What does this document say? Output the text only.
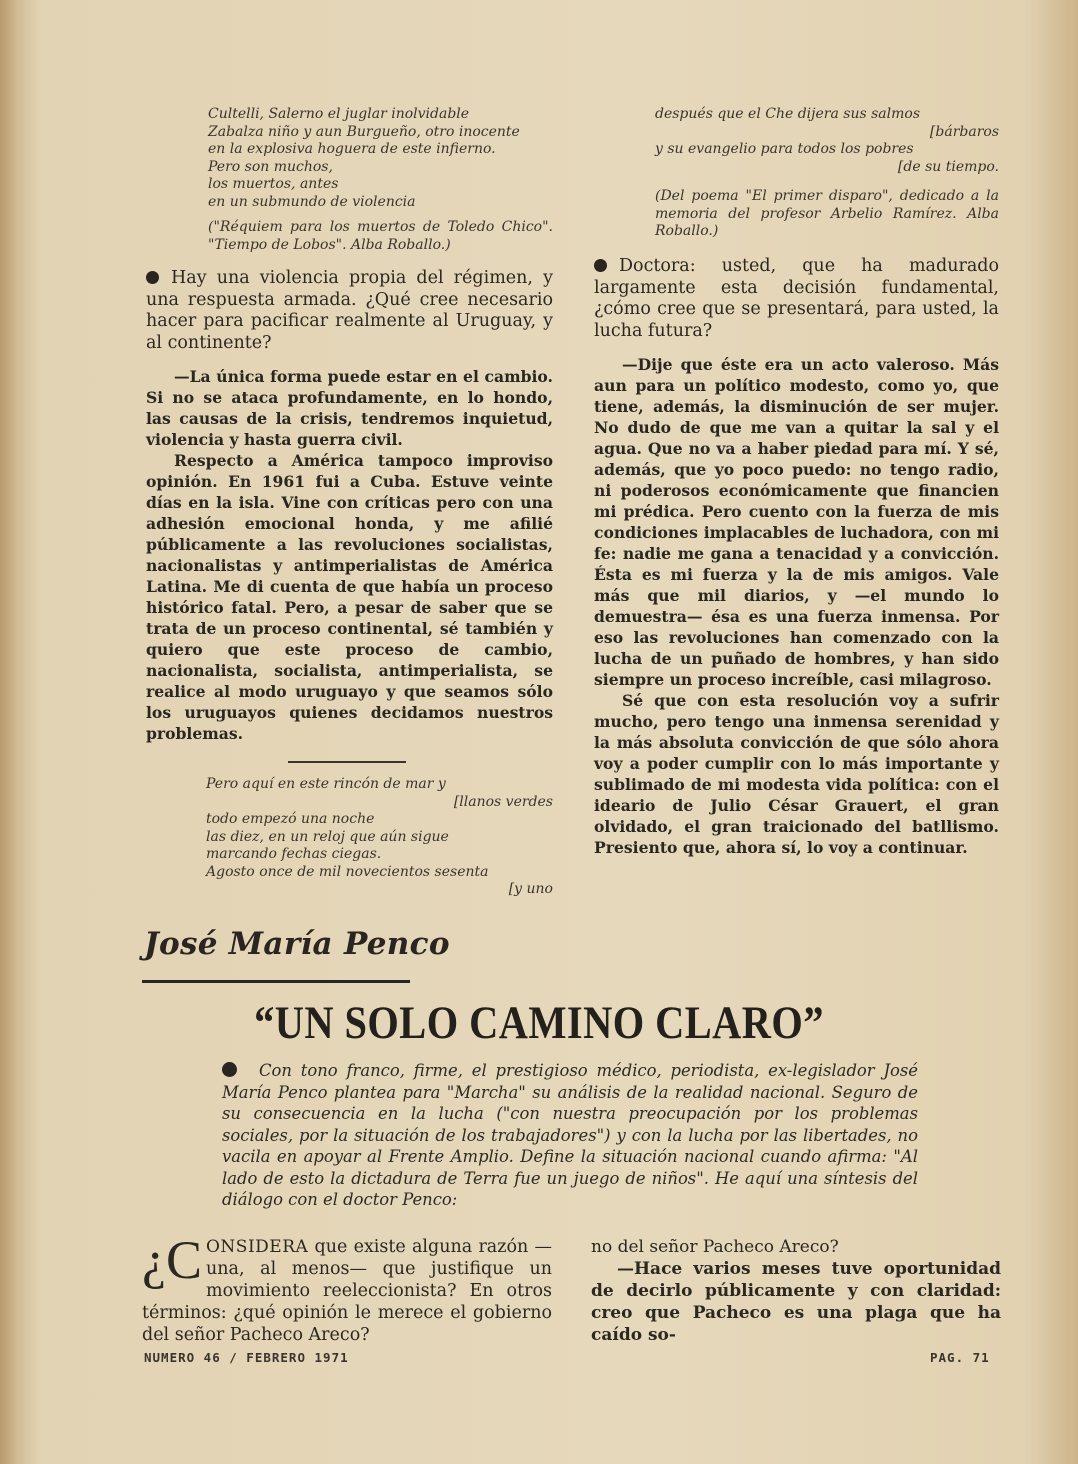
Cultelli, Salerno el juglar inolvidable
Zabalza niño y aun Burgueño, otro inocente
en la explosiva hoguera de este infierno.
Pero son muchos,
los muertos, antes
en un submundo de violencia
("Réquiem para los muertos de Toledo Chico". "Tiempo de Lobos". Alba Roballo.)
Hay una violencia propia del régimen, y una respuesta armada. ¿Qué cree necesario hacer para pacificar realmente al Uruguay, y al continente?

—La única forma puede estar en el cambio. Si no se ataca profundamente, en lo hondo, las causas de la crisis, tendremos inquietud, violencia y hasta guerra civil.

Respecto a América tampoco improviso opinión. En 1961 fui a Cuba. Estuve veinte días en la isla. Vine con críticas pero con una adhesión emocional honda, y me afilié públicamente a las revoluciones socialistas, nacionalistas y antimperialistas de América Latina. Me di cuenta de que había un proceso histórico fatal. Pero, a pesar de saber que se trata de un proceso continental, sé también y quiero que este proceso de cambio, nacionalista, socialista, antimperialista, se realice al modo uruguayo y que seamos sólo los uruguayos quienes decidamos nuestros problemas.

Pero aquí en este rincón de mar y
[llanos verdes
todo empezó una noche
las diez, en un reloj que aún sigue
marcando fechas ciegas.
Agosto once de mil novecientos sesenta
[y uno
después que el Che dijera sus salmos
[bárbaros
y su evangelio para todos los pobres
[de su tiempo.
(Del poema "El primer disparo", dedicado a la memoria del profesor Arbelio Ramírez. Alba Roballo.)
Doctora: usted, que ha madurado largamente esta decisión fundamental, ¿cómo cree que se presentará, para usted, la lucha futura?

—Dije que éste era un acto valeroso. Más aun para un político modesto, como yo, que tiene, además, la disminución de ser mujer. No dudo de que me van a quitar la sal y el agua. Que no va a haber piedad para mí. Y sé, además, que yo poco puedo: no tengo radio, ni poderosos económicamente que financien mi prédica. Pero cuento con la fuerza de mis condiciones implacables de luchadora, con mi fe: nadie me gana a tenacidad y a convicción. Ésta es mi fuerza y la de mis amigos. Vale más que mil diarios, y —el mundo lo demuestra— ésa es una fuerza inmensa. Por eso las revoluciones han comenzado con la lucha de un puñado de hombres, y han sido siempre un proceso increíble, casi milagroso.

Sé que con esta resolución voy a sufrir mucho, pero tengo una inmensa serenidad y la más absoluta convicción de que sólo ahora voy a poder cumplir con lo más importante y sublimado de mi modesta vida política: con el ideario de Julio César Grauert, el gran olvidado, el gran traicionado del batllismo. Presiento que, ahora sí, lo voy a continuar.

José María Penco
“UN SOLO CAMINO CLARO”
Con tono franco, firme, el prestigioso médico, periodista, ex-legislador José María Penco plantea para "Marcha" su análisis de la realidad nacional. Seguro de su consecuencia en la lucha ("con nuestra preocupación por los problemas sociales, por la situación de los trabajadores") y con la lucha por las libertades, no vacila en apoyar al Frente Amplio. Define la situación nacional cuando afirma: "Al lado de esto la dictadura de Terra fue un juego de niños". He aquí una síntesis del diálogo con el doctor Penco:
¿C ONSIDERA que existe alguna razón —una, al menos— que justifique un movimiento reeleccionista? En otros términos: ¿qué opinión le merece el gobierno del señor Pacheco Areco?
no del señor Pacheco Areco?
—Hace varios meses tuve oportunidad de decirlo públicamente y con claridad: creo que Pacheco es una plaga que ha caído so-
NUMERO 46 / FEBRERO 1971	PAG. 71
